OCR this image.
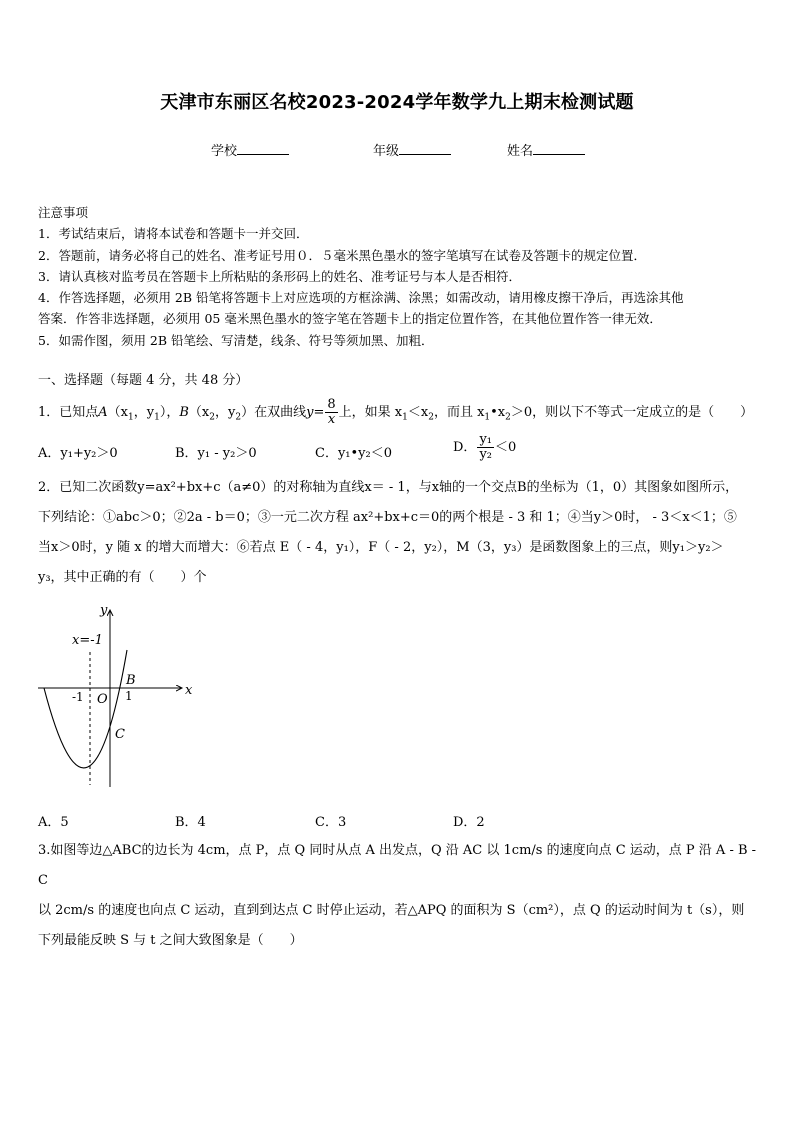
天津市东丽区名校2023-2024学年数学九上期末检测试题
学校	年级	姓名
注意事项
1．考试结束后，请将本试卷和答题卡一并交回．
2．答题前，请务必将自己的姓名、准考证号用０．５毫米黑色墨水的签字笔填写在试卷及答题卡的规定位置．
3．请认真核对监考员在答题卡上所粘贴的条形码上的姓名、准考证号与本人是否相符．
4．作答选择题，必须用 2B 铅笔将答题卡上对应选项的方框涂满、涂黑；如需改动，请用橡皮擦干净后，再选涂其他
答案．作答非选择题，必须用 05 毫米黑色墨水的签字笔在答题卡上的指定位置作答，在其他位置作答一律无效．
5．如需作图，须用 2B 铅笔绘、写清楚，线条、符号等须加黑、加粗．
一、选择题（每题 4 分，共 48 分）
1．已知点$A(x_1$，$y_1$），$B(x_2$，$y_2$）在双曲线$y= \frac{8}{x}$ 上，如果 $x_1<x_2$，而且 $x_1•x_2>0$，则以下不等式一定成立的是（　　）
A．y₁+y₂＞0	B．y₁ - y₂＞0	C．y₁•y₂＜0	D． $\frac{\text{y₁}}{\text{y₂}} <0$
2．已知二次函数y=ax²+bx+c（a≠0）的对称轴为直线x＝ - 1，与x轴的一个交点B的坐标为（1，0）其图象如图所示，
下列结论：①abc＞0；②2a - b＝0；③一元二次方程 ax²+bx+c＝0的两个根是 - 3 和 1；④当y＞0时， - 3＜x＜1；⑤
当x＞0时，y 随 x 的增大而增大：⑥若点 E（ - 4，y₁），F（ - 2，y₂），M（3，y₃）是函数图象上的三点，则y₁＞y₂＞
y₃，其中正确的有（　　）个
x=-1
y
x
-1 O 1
B
C
A．5	B．4	C．3	D．2
3.如图等边△ABC的边长为 4cm，点 P，点 Q 同时从点 A 出发点，Q 沿 AC 以 1cm/s 的速度向点 C 运动，点 P 沿 A - B - C
以 2cm/s 的速度也向点 C 运动，直到到达点 C 时停止运动，若△APQ 的面积为 S（cm²），点 Q 的运动时间为 t（s），则
下列最能反映 S 与 t 之间大致图象是（　　）
